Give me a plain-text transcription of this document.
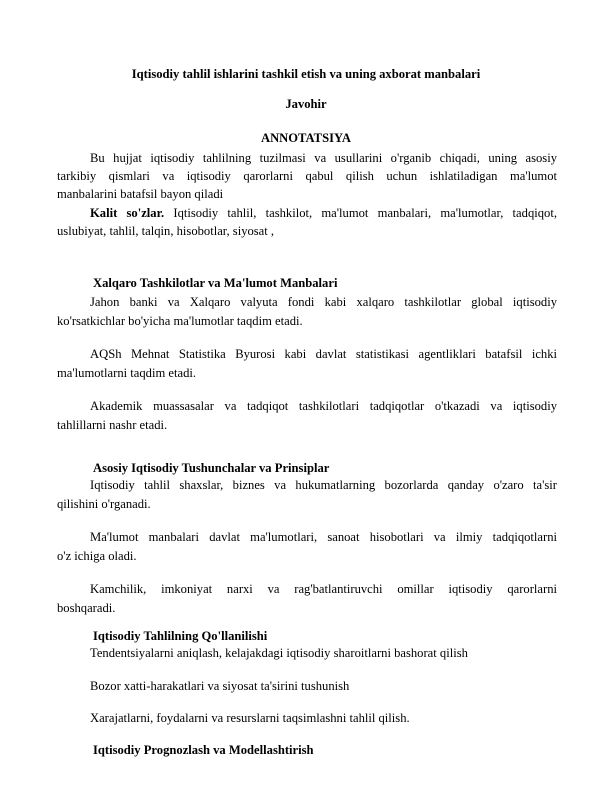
Iqtisodiy tahlil ishlarini tashkil etish va uning axborat manbalari
Javohir
ANNOTATSIYA
Bu hujjat iqtisodiy tahlilning tuzilmasi va usullarini o'rganib chiqadi, uning asosiy
tarkibiy qismlari va iqtisodiy qarorlarni qabul qilish uchun ishlatiladigan ma'lumot
manbalarini batafsil bayon qiladi
Kalit so'zlar. Iqtisodiy tahlil, tashkilot, ma'lumot manbalari, ma'lumotlar, tadqiqot,
uslubiyat, tahlil, talqin, hisobotlar, siyosat ,
Xalqaro Tashkilotlar va Ma'lumot Manbalari
Jahon banki va Xalqaro valyuta fondi kabi xalqaro tashkilotlar global iqtisodiy
ko'rsatkichlar bo'yicha ma'lumotlar taqdim etadi.
AQSh Mehnat Statistika Byurosi kabi davlat statistikasi agentliklari batafsil ichki
ma'lumotlarni taqdim etadi.
Akademik muassasalar va tadqiqot tashkilotlari tadqiqotlar o'tkazadi va iqtisodiy
tahlillarni nashr etadi.
Asosiy Iqtisodiy Tushunchalar va Prinsiplar
Iqtisodiy tahlil shaxslar, biznes va hukumatlarning bozorlarda qanday o'zaro ta'sir
qilishini o'rganadi.
Ma'lumot manbalari davlat ma'lumotlari, sanoat hisobotlari va ilmiy tadqiqotlarni
o'z ichiga oladi.
Kamchilik, imkoniyat narxi va rag'batlantiruvchi omillar iqtisodiy qarorlarni
boshqaradi.
Iqtisodiy Tahlilning Qo'llanilishi
Tendentsiyalarni aniqlash, kelajakdagi iqtisodiy sharoitlarni bashorat qilish
Bozor xatti-harakatlari va siyosat ta'sirini tushunish
Xarajatlarni, foydalarni va resurslarni taqsimlashni tahlil qilish.
Iqtisodiy Prognozlash va Modellashtirish
